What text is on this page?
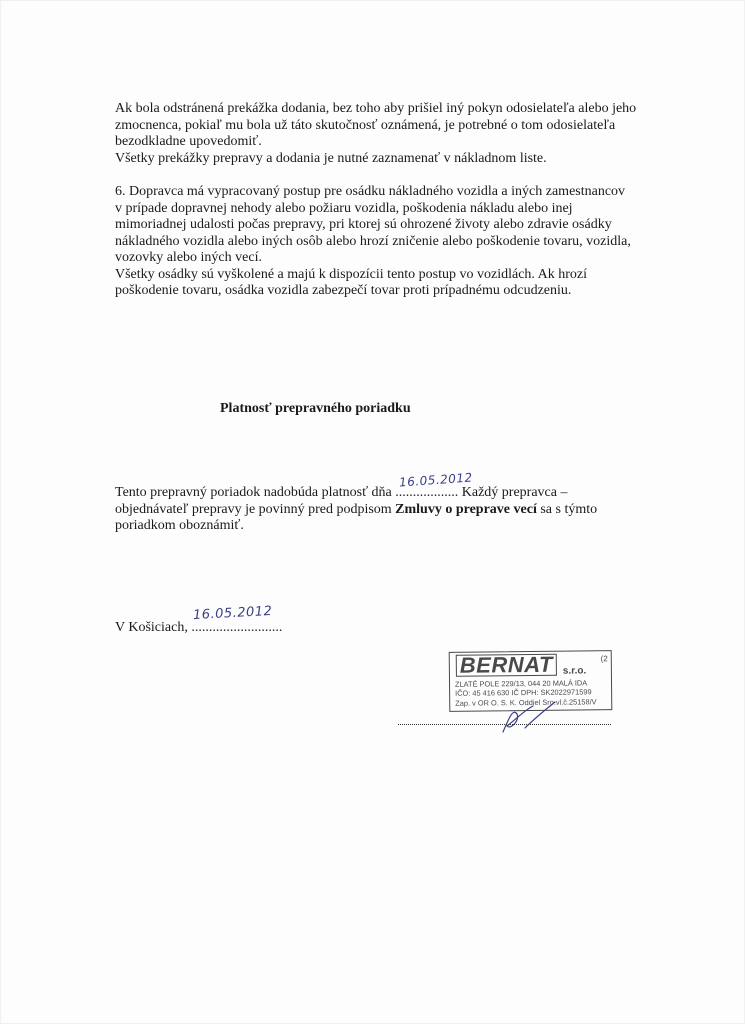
Ak bola odstránená prekážka dodania, bez toho aby prišiel iný pokyn odosielateľa alebo jeho
zmocnenca, pokiaľ mu bola už táto skutočnosť oznámená, je potrebné o tom odosielateľa
bezodkladne upovedomiť.
Všetky prekážky prepravy a dodania je nutné zaznamenať v nákladnom liste.

6. Dopravca má vypracovaný postup pre osádku nákladného vozidla a iných zamestnancov
v prípade dopravnej nehody alebo požiaru vozidla, poškodenia nákladu alebo inej
mimoriadnej udalosti počas prepravy, pri ktorej sú ohrozené životy alebo zdravie osádky
nákladného vozidla alebo iných osôb alebo hrozí zničenie alebo poškodenie tovaru, vozidla,
vozovky alebo iných vecí.
Všetky osádky sú vyškolené a majú k dispozícii tento postup vo vozidlách. Ak hrozí
poškodenie tovaru, osádka vozidla zabezpečí tovar proti prípadnému odcudzeniu.

Platnosť prepravného poriadku

Tento prepravný poriadok nadobúda platnosť dňa ..................
16.05.2012
Každý prepravca –
objednávateľ prepravy je povinný pred podpisom Zmluvy o preprave vecí sa s týmto
poriadkom oboznámiť.

V Košiciach, ..........................
16.05.2012
BERNAT s.r.o.
(2
ZLATÉ POLE 229/13, 044 20 MALÁ IDA
IČO: 45 416 630 IČ DPH: SK2022971599
Zap. v OR O. S. K. Oddiel Sro.vl.č.25158/V
